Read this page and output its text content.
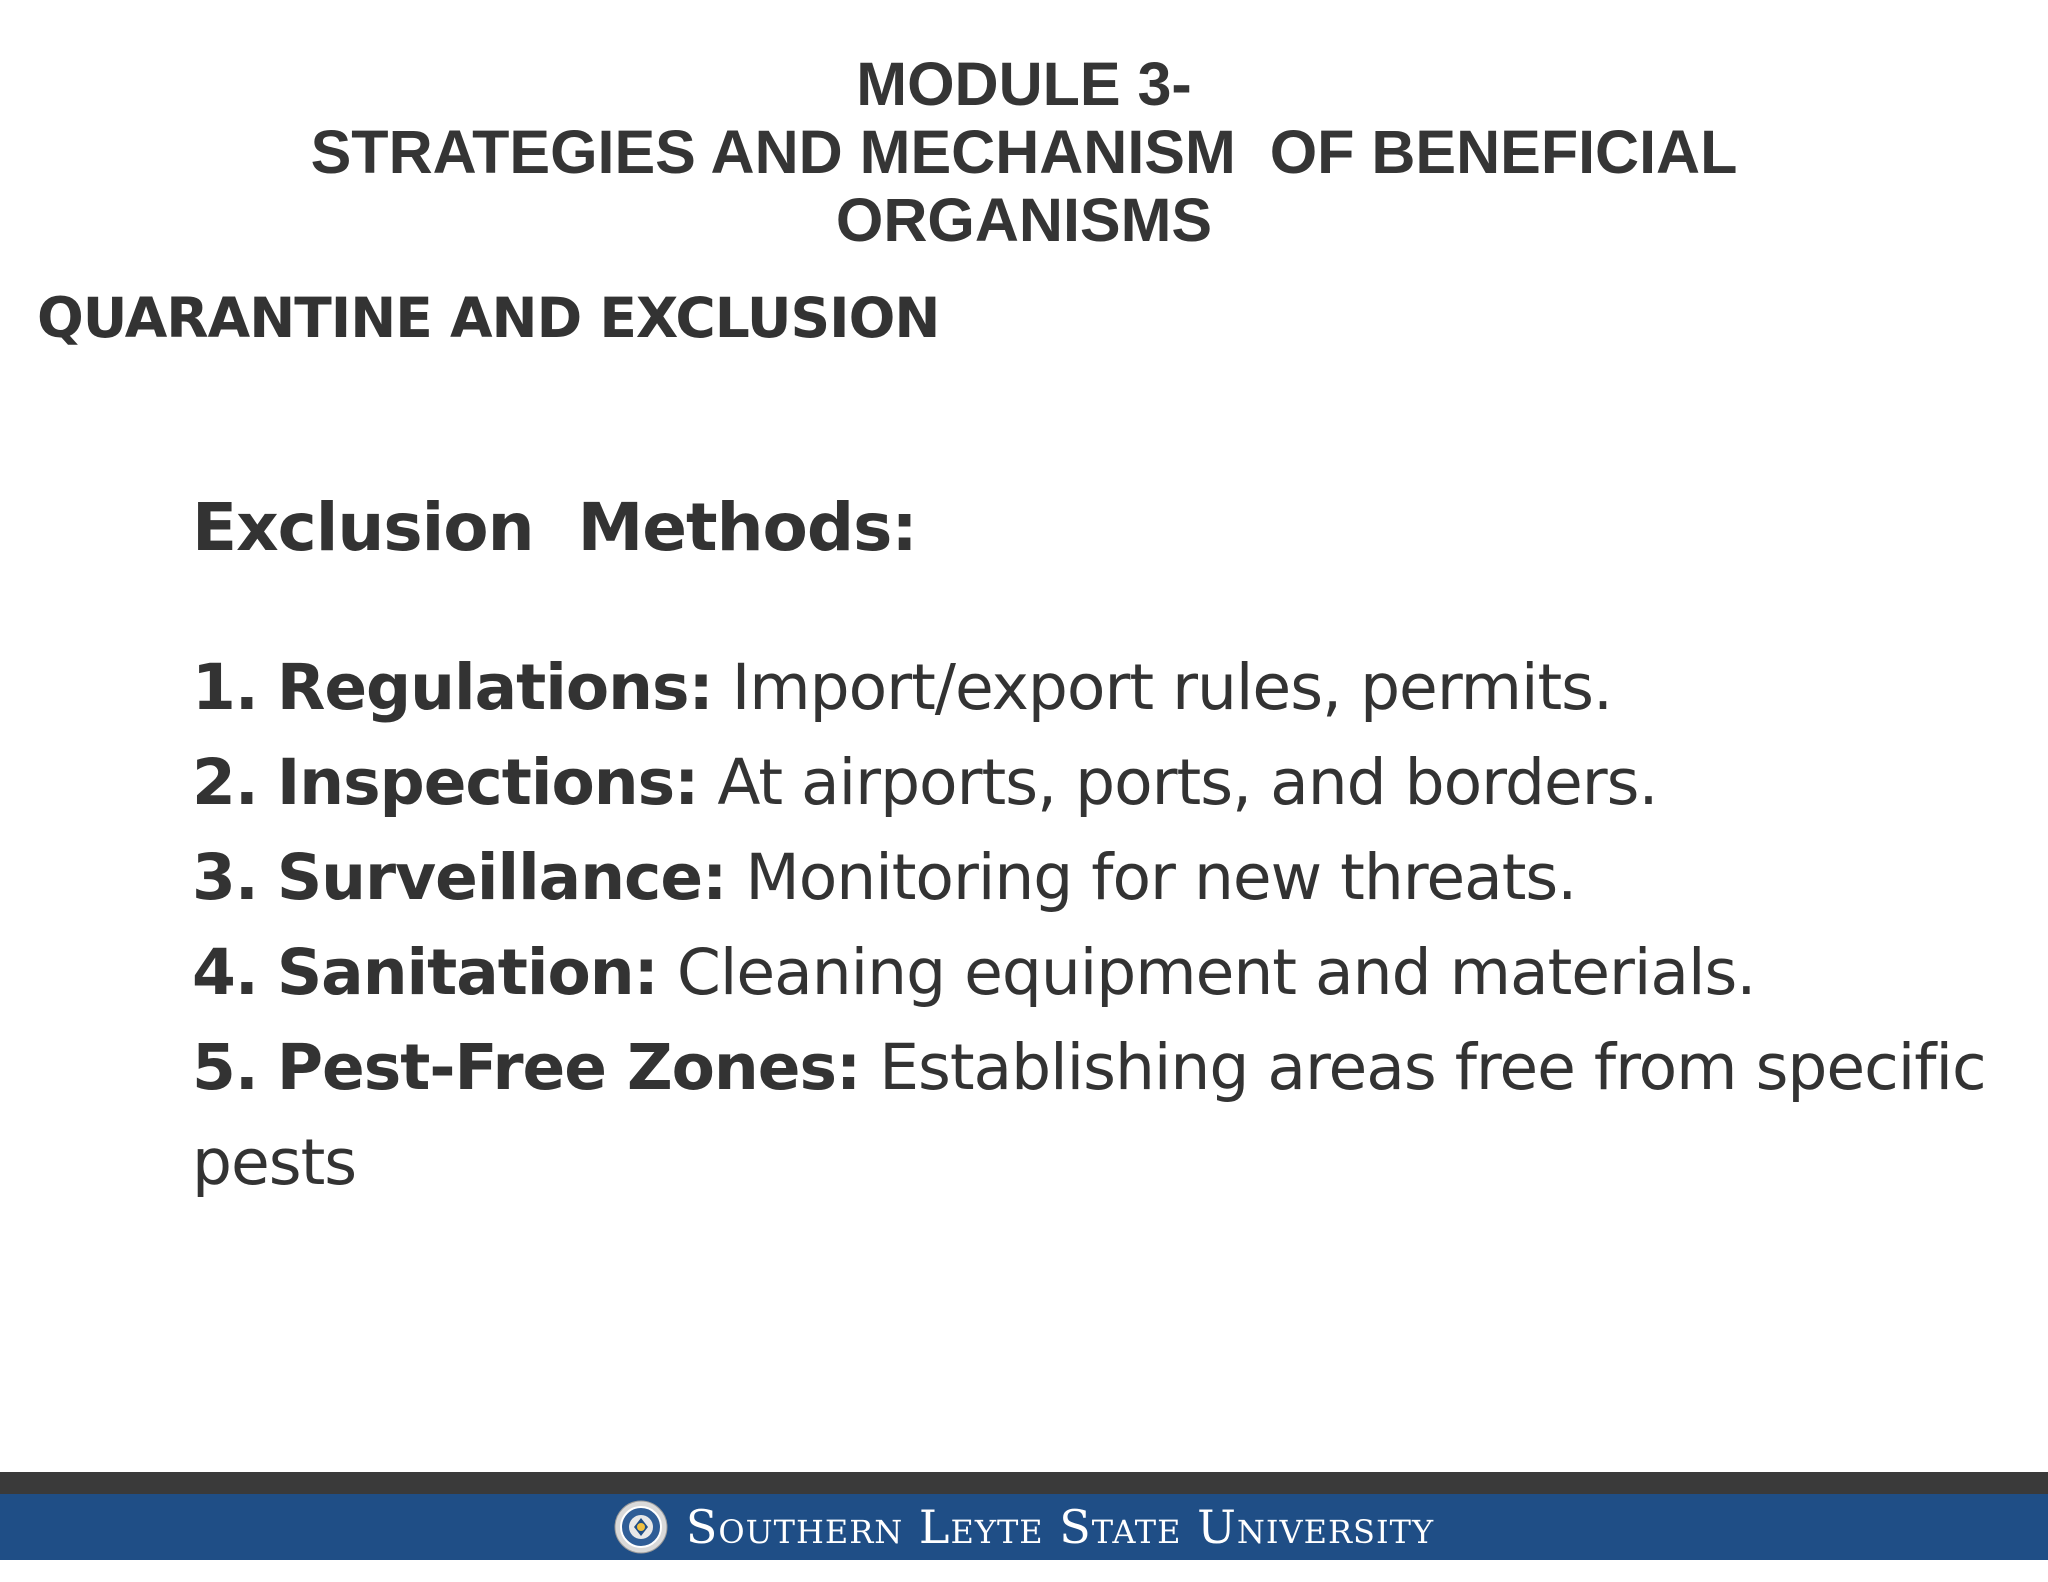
MODULE 3-
STRATEGIES AND MECHANISM  OF BENEFICIAL
ORGANISMS
QUARANTINE AND EXCLUSION
Exclusion  Methods:
1. Regulations: Import/export rules, permits.
2. Inspections: At airports, ports, and borders.
3. Surveillance: Monitoring for new threats.
4. Sanitation: Cleaning equipment and materials.
5. Pest-Free Zones: Establishing areas free from specific pests
Southern Leyte State University
